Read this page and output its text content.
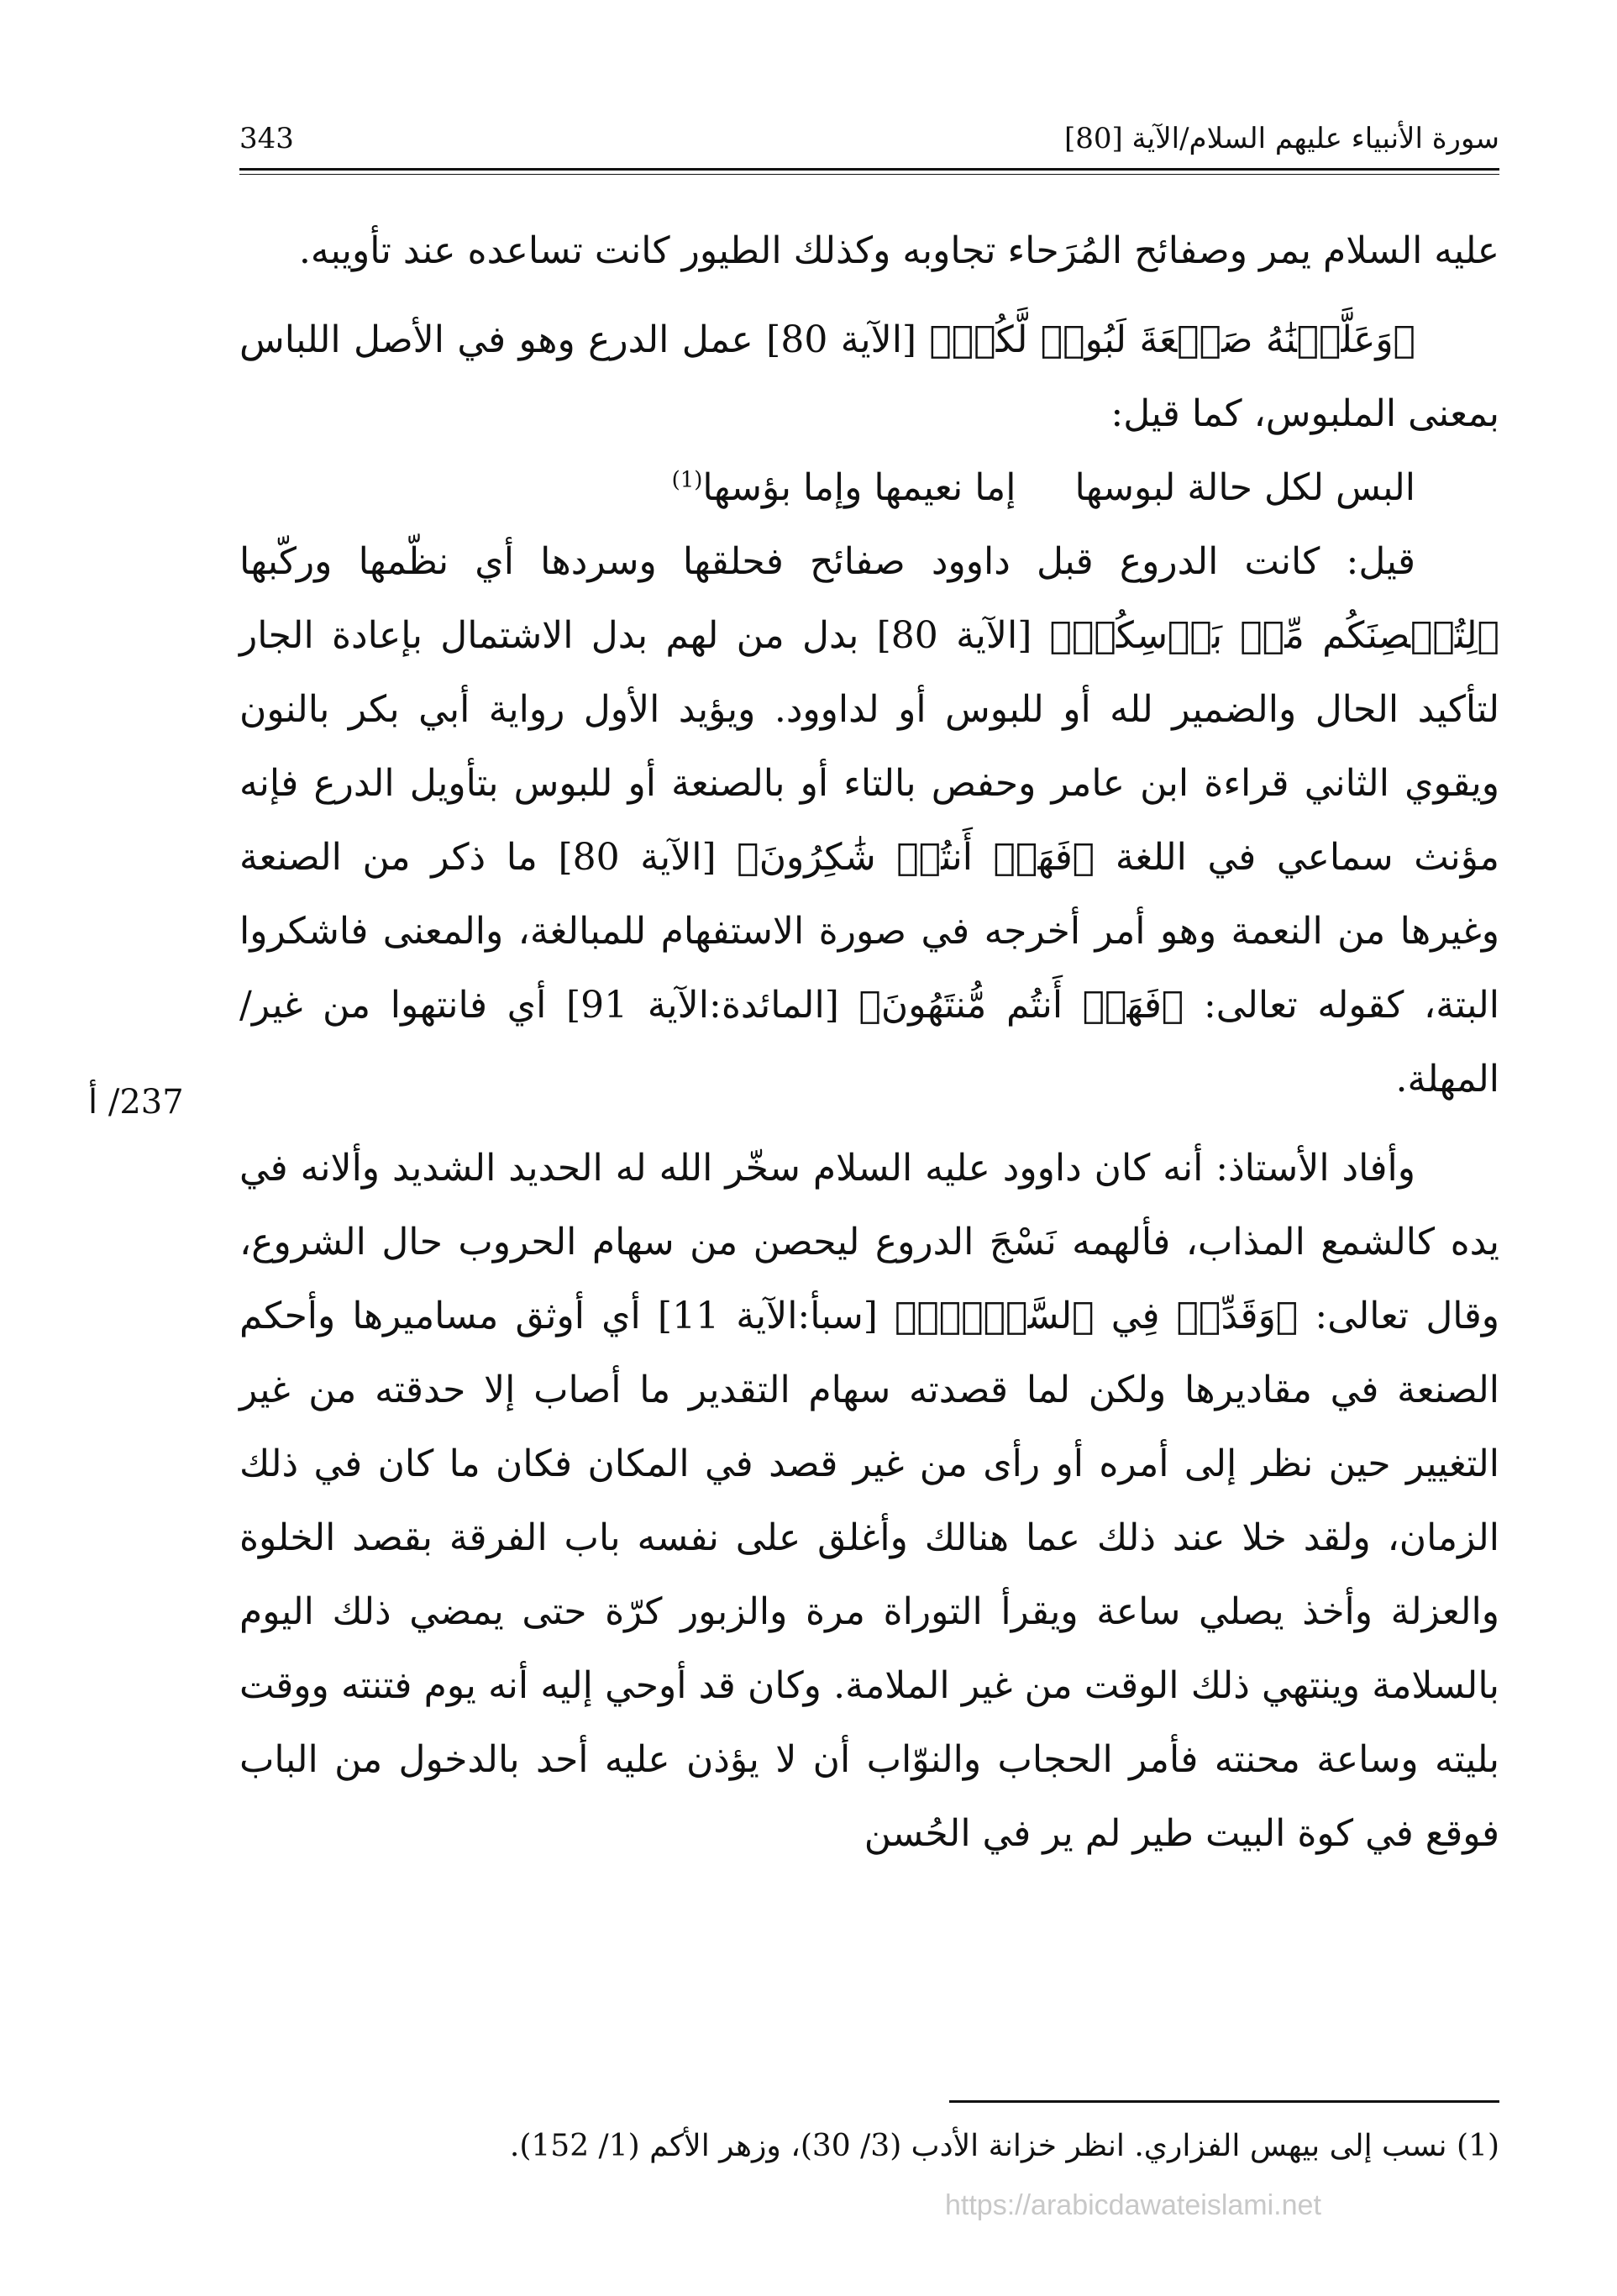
سورة الأنبياء عليهم السلام/الآية [80]
343

عليه السلام يمر وصفائح المُرَحاء تجاوبه وكذلك الطيور كانت تساعده عند تأويبه.

﴿وَعَلَّمۡنَٰهُ صَنۡعَةَ لَبُوسٖ لَّكُمۡ﴾ [الآية 80] عمل الدرع وهو في الأصل اللباس بمعنى الملبوس، كما قيل:

البس لكل حالة لبوسهاإما نعيمها وإما بؤسها$^{(1)}$

قيل: كانت الدروع قبل داوود صفائح فحلقها وسردها أي نظّمها وركّبها ﴿لِتُحۡصِنَكُم مِّنۢ بَأۡسِكُمۡ﴾ [الآية 80] بدل من لهم بدل الاشتمال بإعادة الجار لتأكيد الحال والضمير لله أو للبوس أو لداوود. ويؤيد الأول رواية أبي بكر بالنون ويقوي الثاني قراءة ابن عامر وحفص بالتاء أو بالصنعة أو للبوس بتأويل الدرع فإنه مؤنث سماعي في اللغة ﴿فَهَلۡ أَنتُمۡ شَٰكِرُونَ﴾ [الآية 80] ما ذكر من الصنعة وغيرها من النعمة وهو أمر أخرجه في صورة الاستفهام للمبالغة، والمعنى فاشكروا البتة، كقوله تعالى: ﴿فَهَلۡ أَنتُم مُّنتَهُونَ﴾ [المائدة:الآية 91] أي فانتهوا من غير/ المهلة.

وأفاد الأستاذ: أنه كان داوود عليه السلام سخّر الله له الحديد الشديد وألانه في يده كالشمع المذاب، فألهمه نَسْجَ الدروع ليحصن من سهام الحروب حال الشروع، وقال تعالى: ﴿وَقَدِّرۡ فِي ٱلسَّرۡدِۖ﴾ [سبأ:الآية 11] أي أوثق مساميرها وأحكم الصنعة في مقاديرها ولكن لما قصدته سهام التقدير ما أصاب إلا حدقته من غير التغيير حين نظر إلى أمره أو رأى من غير قصد في المكان فكان ما كان في ذلك الزمان، ولقد خلا عند ذلك عما هنالك وأغلق على نفسه باب الفرقة بقصد الخلوة والعزلة وأخذ يصلي ساعة ويقرأ التوراة مرة والزبور كرّة حتى يمضي ذلك اليوم بالسلامة وينتهي ذلك الوقت من غير الملامة. وكان قد أوحي إليه أنه يوم فتنته ووقت بليته وساعة محنته فأمر الحجاب والنوّاب أن لا يؤذن عليه أحد بالدخول من الباب فوقع في كوة البيت طير لم ير في الحُسن

237/ أ
(1) نسب إلى بيهس الفزاري. انظر خزانة الأدب (3/ 30)، وزهر الأكم (1/ 152).
https://arabicdawateislami.net
